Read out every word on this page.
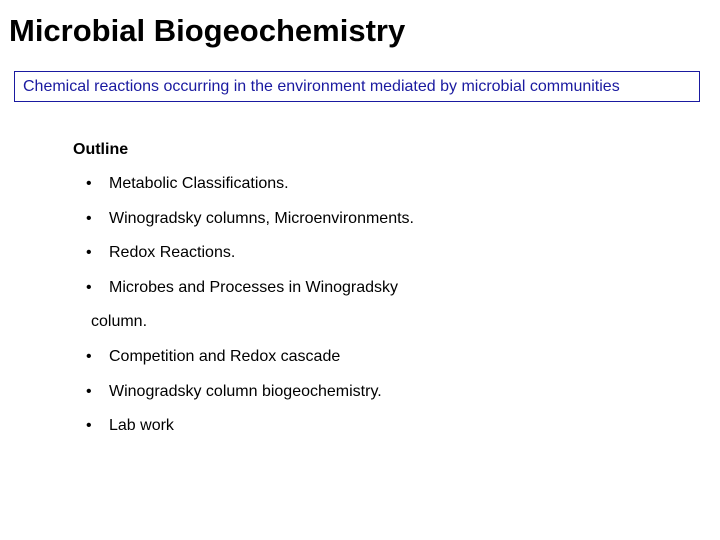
Microbial Biogeochemistry
Chemical reactions occurring in the environment mediated by microbial communities
Outline
• Metabolic Classifications.
• Winogradsky columns, Microenvironments.
• Redox Reactions.
• Microbes and Processes in Winogradsky
column.
• Competition and Redox cascade
• Winogradsky column biogeochemistry.
• Lab work
